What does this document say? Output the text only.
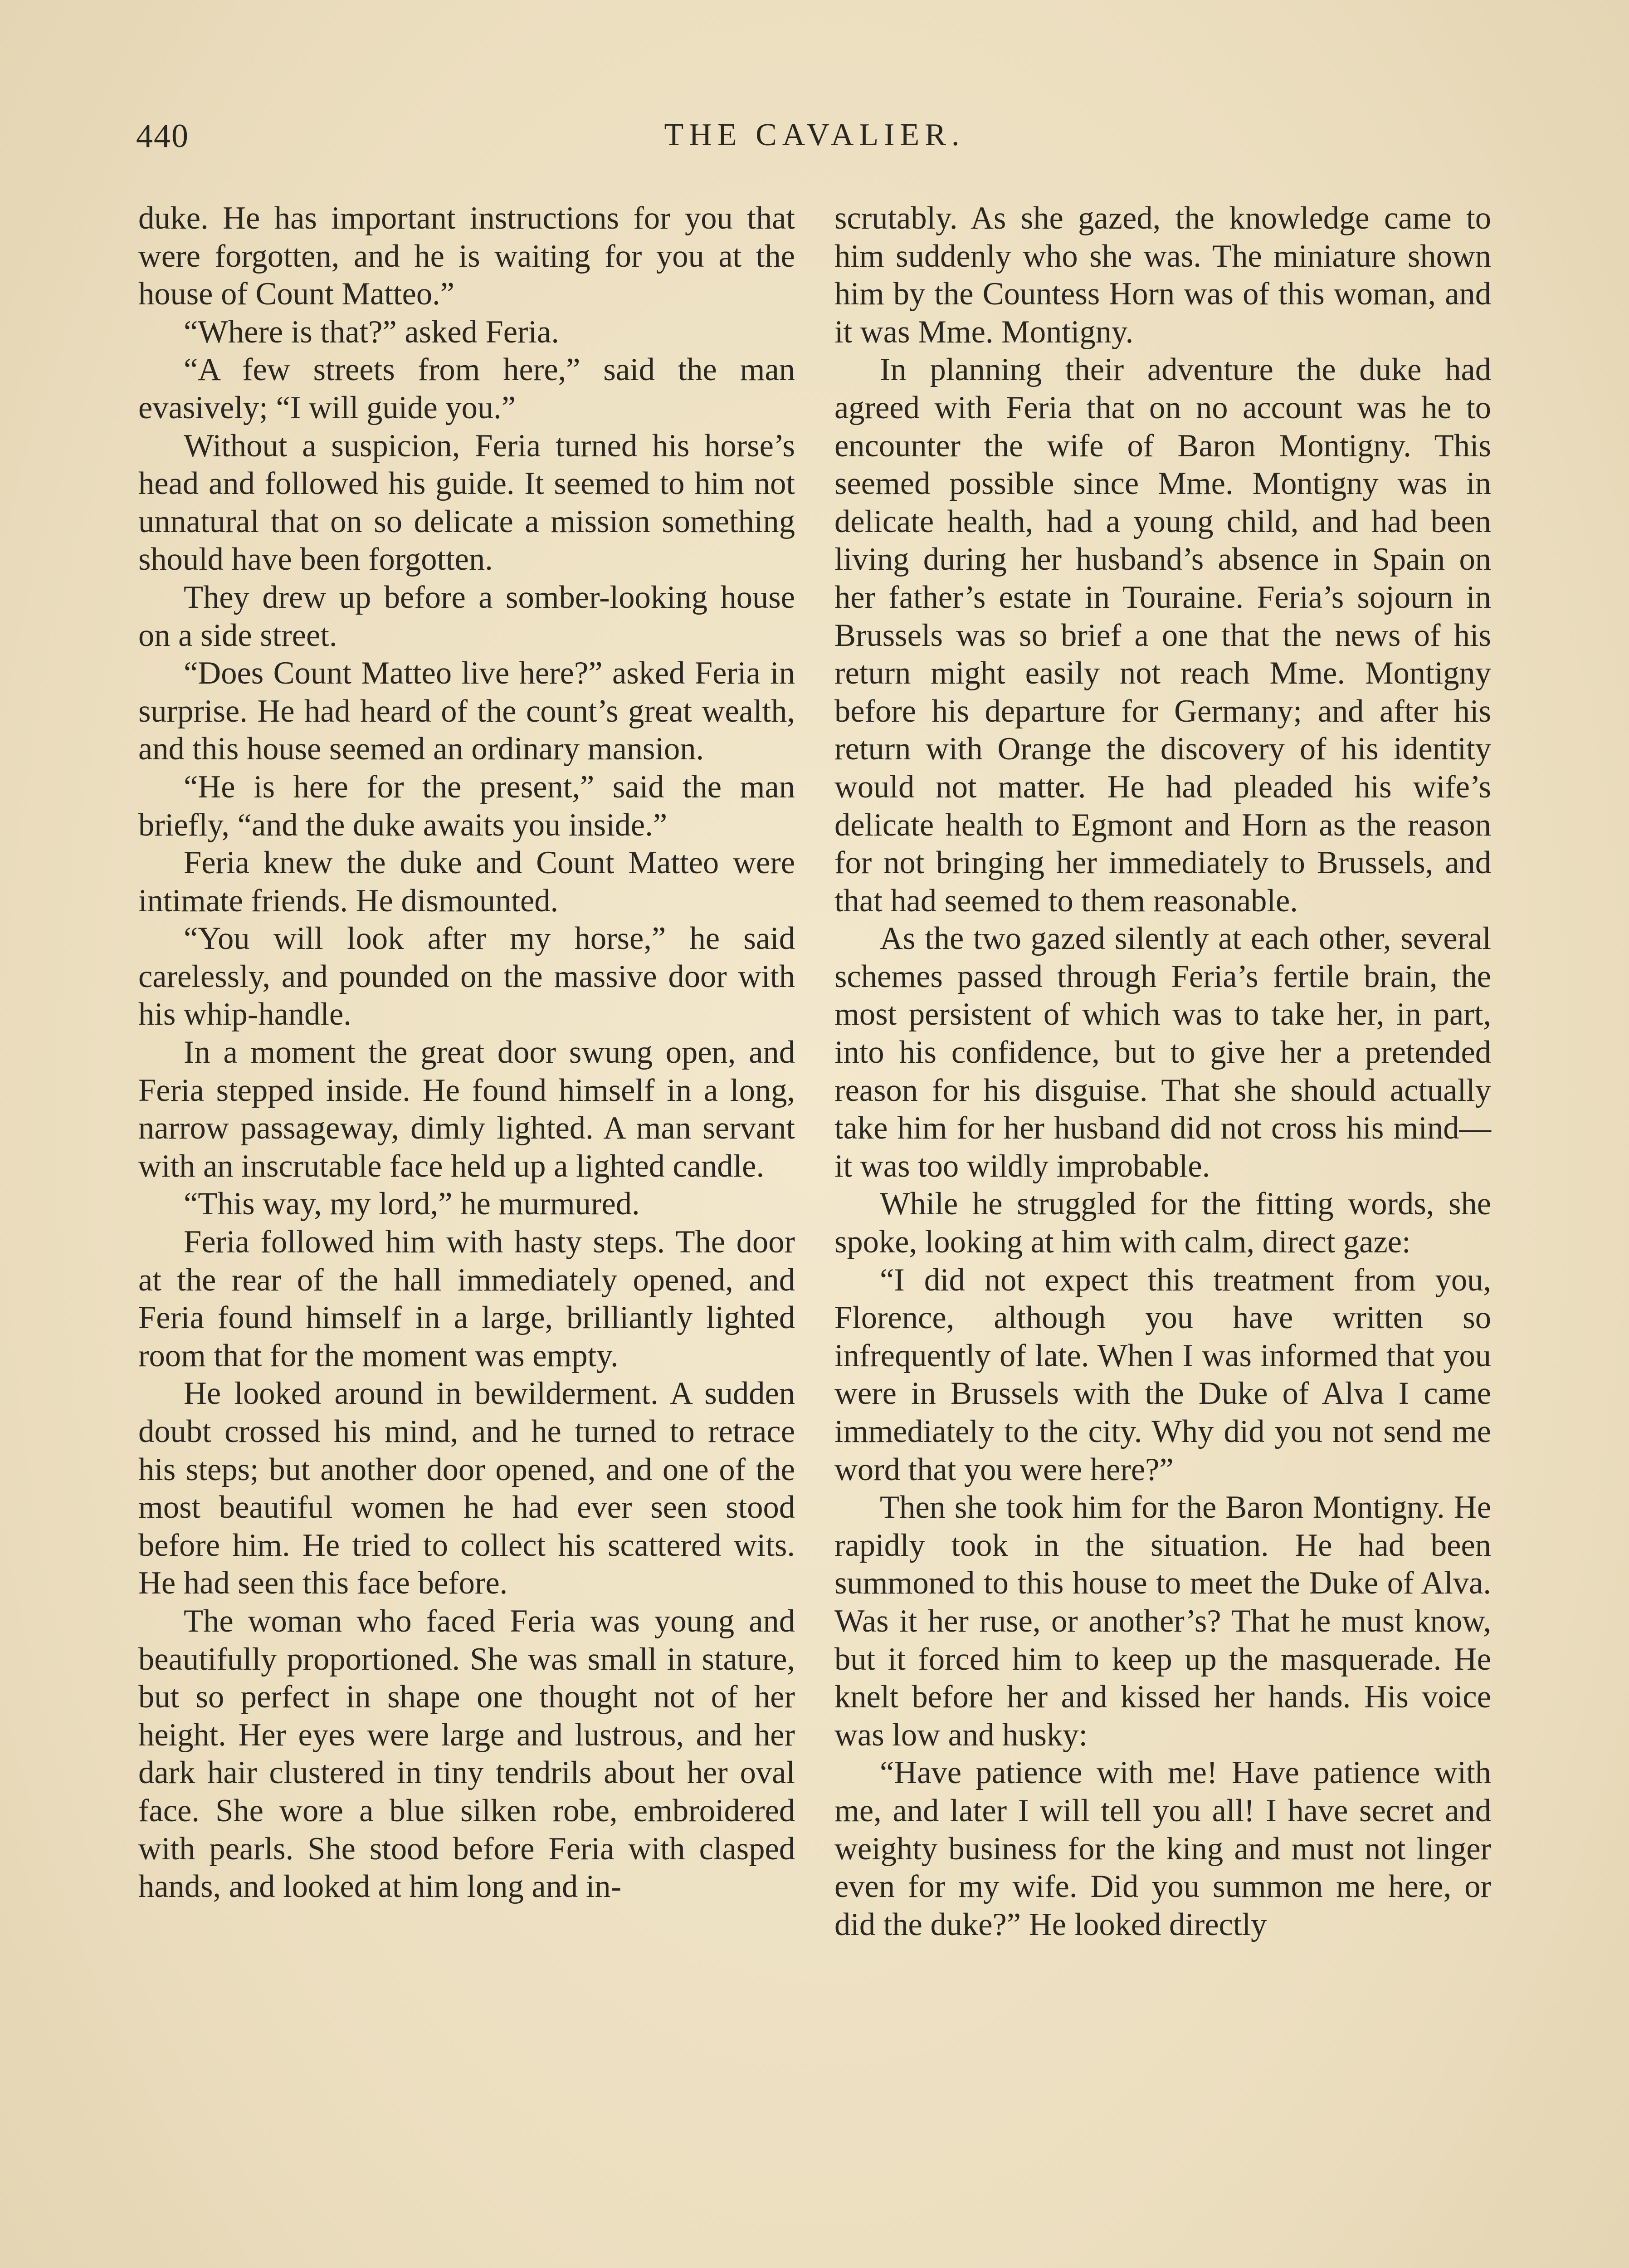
440	THE CAVALIER.

duke. He has important instructions for you that were forgotten, and he is waiting for you at the house of Count Matteo.”

“Where is that?” asked Feria.

“A few streets from here,” said the man evasively; “I will guide you.”

Without a suspicion, Feria turned his horse’s head and followed his guide. It seemed to him not unnatural that on so delicate a mission something should have been forgotten.

They drew up before a somber-looking house on a side street.

“Does Count Matteo live here?” asked Feria in surprise. He had heard of the count’s great wealth, and this house seemed an ordinary mansion.

“He is here for the present,” said the man briefly, “and the duke awaits you inside.”

Feria knew the duke and Count Matteo were intimate friends. He dismounted.

“You will look after my horse,” he said carelessly, and pounded on the massive door with his whip-handle.

In a moment the great door swung open, and Feria stepped inside. He found himself in a long, narrow passageway, dimly lighted. A man servant with an inscrutable face held up a lighted candle.

“This way, my lord,” he murmured.

Feria followed him with hasty steps. The door at the rear of the hall immediately opened, and Feria found himself in a large, brilliantly lighted room that for the moment was empty.

He looked around in bewilderment. A sudden doubt crossed his mind, and he turned to retrace his steps; but another door opened, and one of the most beautiful women he had ever seen stood before him. He tried to collect his scattered wits. He had seen this face before.

The woman who faced Feria was young and beautifully proportioned. She was small in stature, but so perfect in shape one thought not of her height. Her eyes were large and lustrous, and her dark hair clustered in tiny tendrils about her oval face. She wore a blue silken robe, embroidered with pearls. She stood before Feria with clasped hands, and looked at him long and in-

scrutably. As she gazed, the knowledge came to him suddenly who she was. The miniature shown him by the Countess Horn was of this woman, and it was Mme. Montigny.

In planning their adventure the duke had agreed with Feria that on no account was he to encounter the wife of Baron Montigny. This seemed possible since Mme. Montigny was in delicate health, had a young child, and had been living during her husband’s absence in Spain on her father’s estate in Touraine. Feria’s sojourn in Brussels was so brief a one that the news of his return might easily not reach Mme. Montigny before his departure for Germany; and after his return with Orange the discovery of his identity would not matter. He had pleaded his wife’s delicate health to Egmont and Horn as the reason for not bringing her immediately to Brussels, and that had seemed to them reasonable.

As the two gazed silently at each other, several schemes passed through Feria’s fertile brain, the most persistent of which was to take her, in part, into his confidence, but to give her a pretended reason for his disguise. That she should actually take him for her husband did not cross his mind—it was too wildly improbable.

While he struggled for the fitting words, she spoke, looking at him with calm, direct gaze:

“I did not expect this treatment from you, Florence, although you have written so infrequently of late. When I was informed that you were in Brussels with the Duke of Alva I came immediately to the city. Why did you not send me word that you were here?”

Then she took him for the Baron Montigny. He rapidly took in the situation. He had been summoned to this house to meet the Duke of Alva. Was it her ruse, or another’s? That he must know, but it forced him to keep up the masquerade. He knelt before her and kissed her hands. His voice was low and husky:

“Have patience with me! Have patience with me, and later I will tell you all! I have secret and weighty business for the king and must not linger even for my wife. Did you summon me here, or did the duke?” He looked directly
